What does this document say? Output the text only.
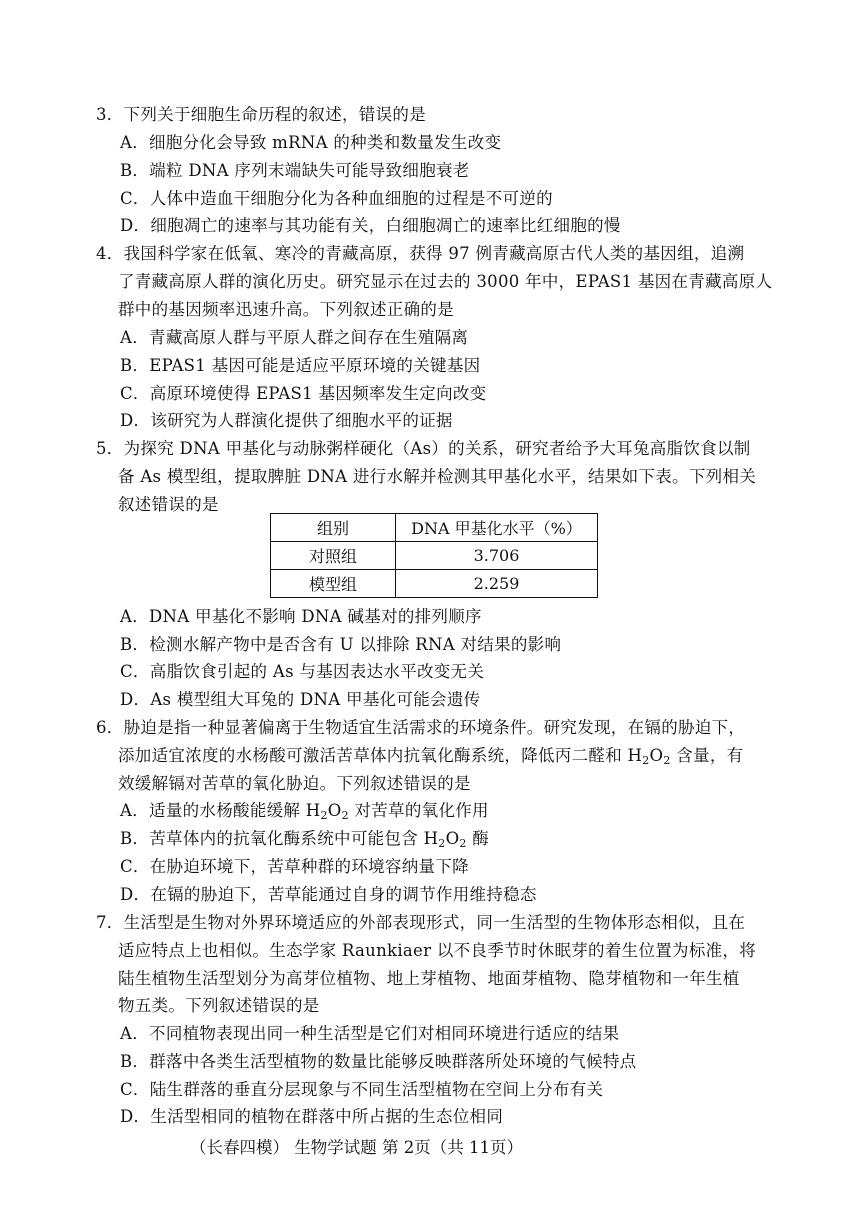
3．下列关于细胞生命历程的叙述，错误的是
A．细胞分化会导致 mRNA 的种类和数量发生改变
B．端粒 DNA 序列末端缺失可能导致细胞衰老
C．人体中造血干细胞分化为各种血细胞的过程是不可逆的
D．细胞凋亡的速率与其功能有关，白细胞凋亡的速率比红细胞的慢
4．我国科学家在低氧、寒冷的青藏高原，获得 97 例青藏高原古代人类的基因组，追溯
了青藏高原人群的演化历史。研究显示在过去的 3000 年中，EPAS1 基因在青藏高原人
群中的基因频率迅速升高。下列叙述正确的是
A．青藏高原人群与平原人群之间存在生殖隔离
B．EPAS1 基因可能是适应平原环境的关键基因
C．高原环境使得 EPAS1 基因频率发生定向改变
D．该研究为人群演化提供了细胞水平的证据
5．为探究 DNA 甲基化与动脉粥样硬化（As）的关系，研究者给予大耳兔高脂饮食以制
备 As 模型组，提取脾脏 DNA 进行水解并检测其甲基化水平，结果如下表。下列相关
叙述错误的是
组别	DNA 甲基化水平（%）
对照组	3.706
模型组	2.259
A．DNA 甲基化不影响 DNA 碱基对的排列顺序
B．检测水解产物中是否含有 U 以排除 RNA 对结果的影响
C．高脂饮食引起的 As 与基因表达水平改变无关
D．As 模型组大耳兔的 DNA 甲基化可能会遗传
6．胁迫是指一种显著偏离于生物适宜生活需求的环境条件。研究发现，在镉的胁迫下，
添加适宜浓度的水杨酸可激活苦草体内抗氧化酶系统，降低丙二醛和 $H_2O_2$ 含量，有
效缓解镉对苦草的氧化胁迫。下列叙述错误的是
A．适量的水杨酸能缓解 $H_2O_2$ 对苦草的氧化作用
B．苦草体内的抗氧化酶系统中可能包含 $H_2O_2$ 酶
C．在胁迫环境下，苦草种群的环境容纳量下降
D．在镉的胁迫下，苦草能通过自身的调节作用维持稳态
7．生活型是生物对外界环境适应的外部表现形式，同一生活型的生物体形态相似，且在
适应特点上也相似。生态学家 Raunkiaer 以不良季节时休眠芽的着生位置为标准，将
陆生植物生活型划分为高芽位植物、地上芽植物、地面芽植物、隐芽植物和一年生植
物五类。下列叙述错误的是
A．不同植物表现出同一种生活型是它们对相同环境进行适应的结果
B．群落中各类生活型植物的数量比能够反映群落所处环境的气候特点
C．陆生群落的垂直分层现象与不同生活型植物在空间上分布有关
D．生活型相同的植物在群落中所占据的生态位相同
（长春四模） 生物学试题 第 2页（共 11页）
